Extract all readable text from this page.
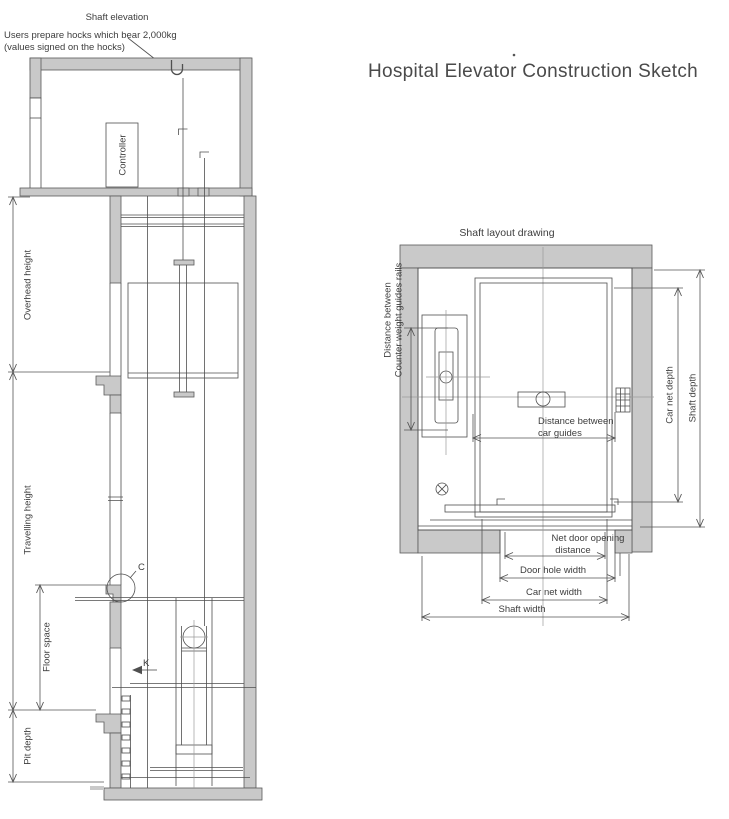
Hospital Elevator Construction Sketch
Shaft elevation
Users prepare hocks which bear 2,000kg
(values signed on the hocks)
Controller
C
K
Overhead height
Travelling height
Floor space
Pit depth
Shaft layout drawing
Distance between Counter weight guides rails
Distance between
car guides
Car net depth Shaft depth
Net door opening
distance
Door hole width
Car net width
Shaft width
